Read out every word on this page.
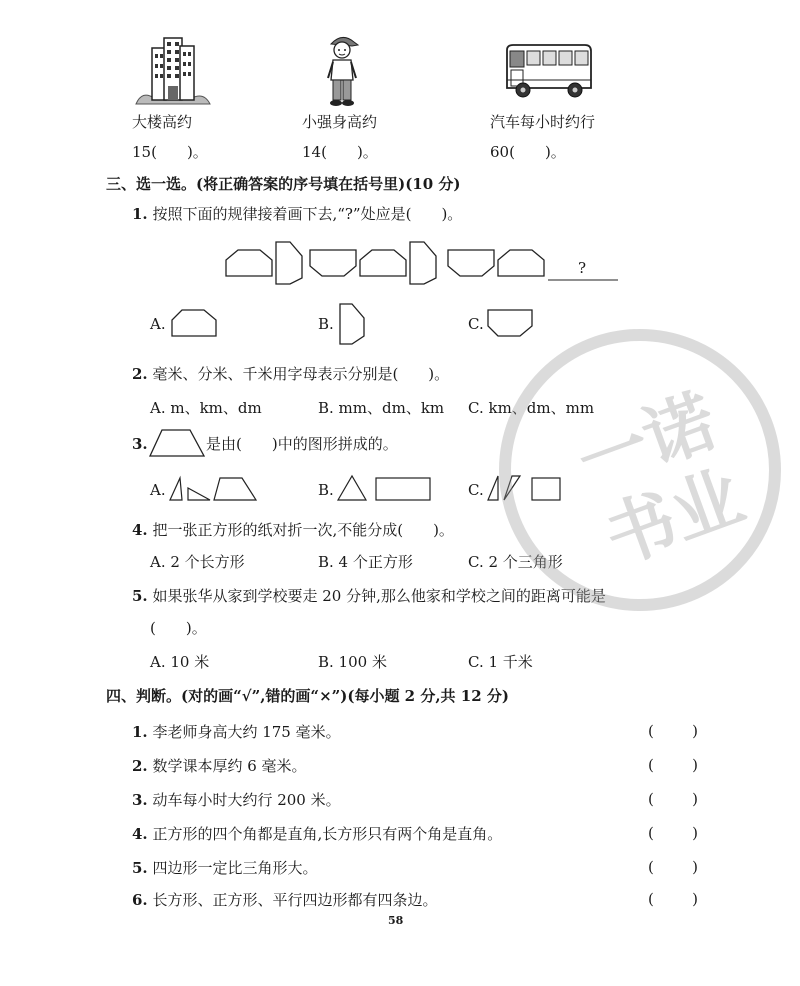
大楼高约	小强身高约	汽车每小时约行
15(　　)。	14(　　)。	60(　　)。
三、选一选。(将正确答案的序号填在括号里)(10 分)
1. 按照下面的规律接着画下去,“?”处应是(　　)。
?
A.	B.	C.
2. 毫米、分米、千米用字母表示分别是(　　)。
A. m、km、dm	B. mm、dm、km C. km、dm、mm
3.	是由(　　)中的图形拼成的。
A.	B.	C.
4. 把一张正方形的纸对折一次,不能分成(　　)。
A. 2 个长方形	B. 4 个正方形	C. 2 个三角形
5. 如果张华从家到学校要走 20 分钟,那么他家和学校之间的距离可能是
(　　)。
A. 10 米	B. 100 米	C. 1 千米
四、判断。(对的画“√”,错的画“×”)(每小题 2 分,共 12 分)
1. 李老师身高大约 175 毫米。	(	)
2. 数学课本厚约 6 毫米。	(	)
3. 动车每小时大约行 200 米。	(	)
4. 正方形的四个角都是直角,长方形只有两个角是直角。	(	)
5. 四边形一定比三角形大。	(	)
6. 长方形、正方形、平行四边形都有四条边。	(	)
58
一
诺
书
业
